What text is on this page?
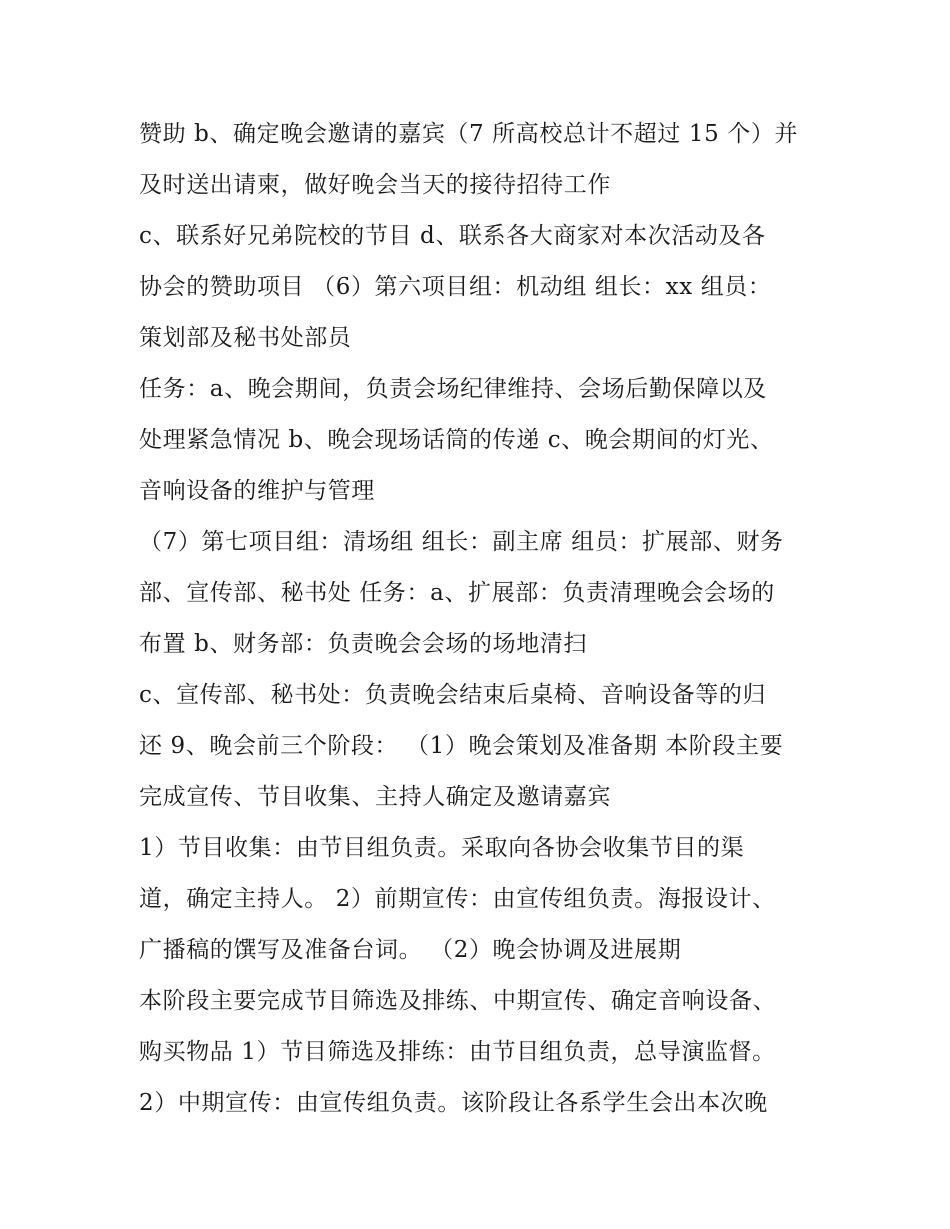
赞助 b、确定晚会邀请的嘉宾（7 所高校总计不超过 15 个）并
及时送出请柬，做好晚会当天的接待招待工作
c、联系好兄弟院校的节目 d、联系各大商家对本次活动及各
协会的赞助项目 （6）第六项目组：机动组 组长：xx 组员：
策划部及秘书处部员
任务：a、晚会期间，负责会场纪律维持、会场后勤保障以及
处理紧急情况 b、晚会现场话筒的传递 c、晚会期间的灯光、
音响设备的维护与管理
（7）第七项目组：清场组 组长：副主席 组员：扩展部、财务
部、宣传部、秘书处 任务：a、扩展部：负责清理晚会会场的
布置 b、财务部：负责晚会会场的场地清扫
c、宣传部、秘书处：负责晚会结束后桌椅、音响设备等的归
还 9、晚会前三个阶段： （1）晚会策划及准备期 本阶段主要
完成宣传、节目收集、主持人确定及邀请嘉宾
1）节目收集：由节目组负责。采取向各协会收集节目的渠
道，确定主持人。 2）前期宣传：由宣传组负责。海报设计、
广播稿的馔写及准备台词。 （2）晚会协调及进展期
本阶段主要完成节目筛选及排练、中期宣传、确定音响设备、
购买物品 1）节目筛选及排练：由节目组负责，总导演监督。
2）中期宣传：由宣传组负责。该阶段让各系学生会出本次晚
